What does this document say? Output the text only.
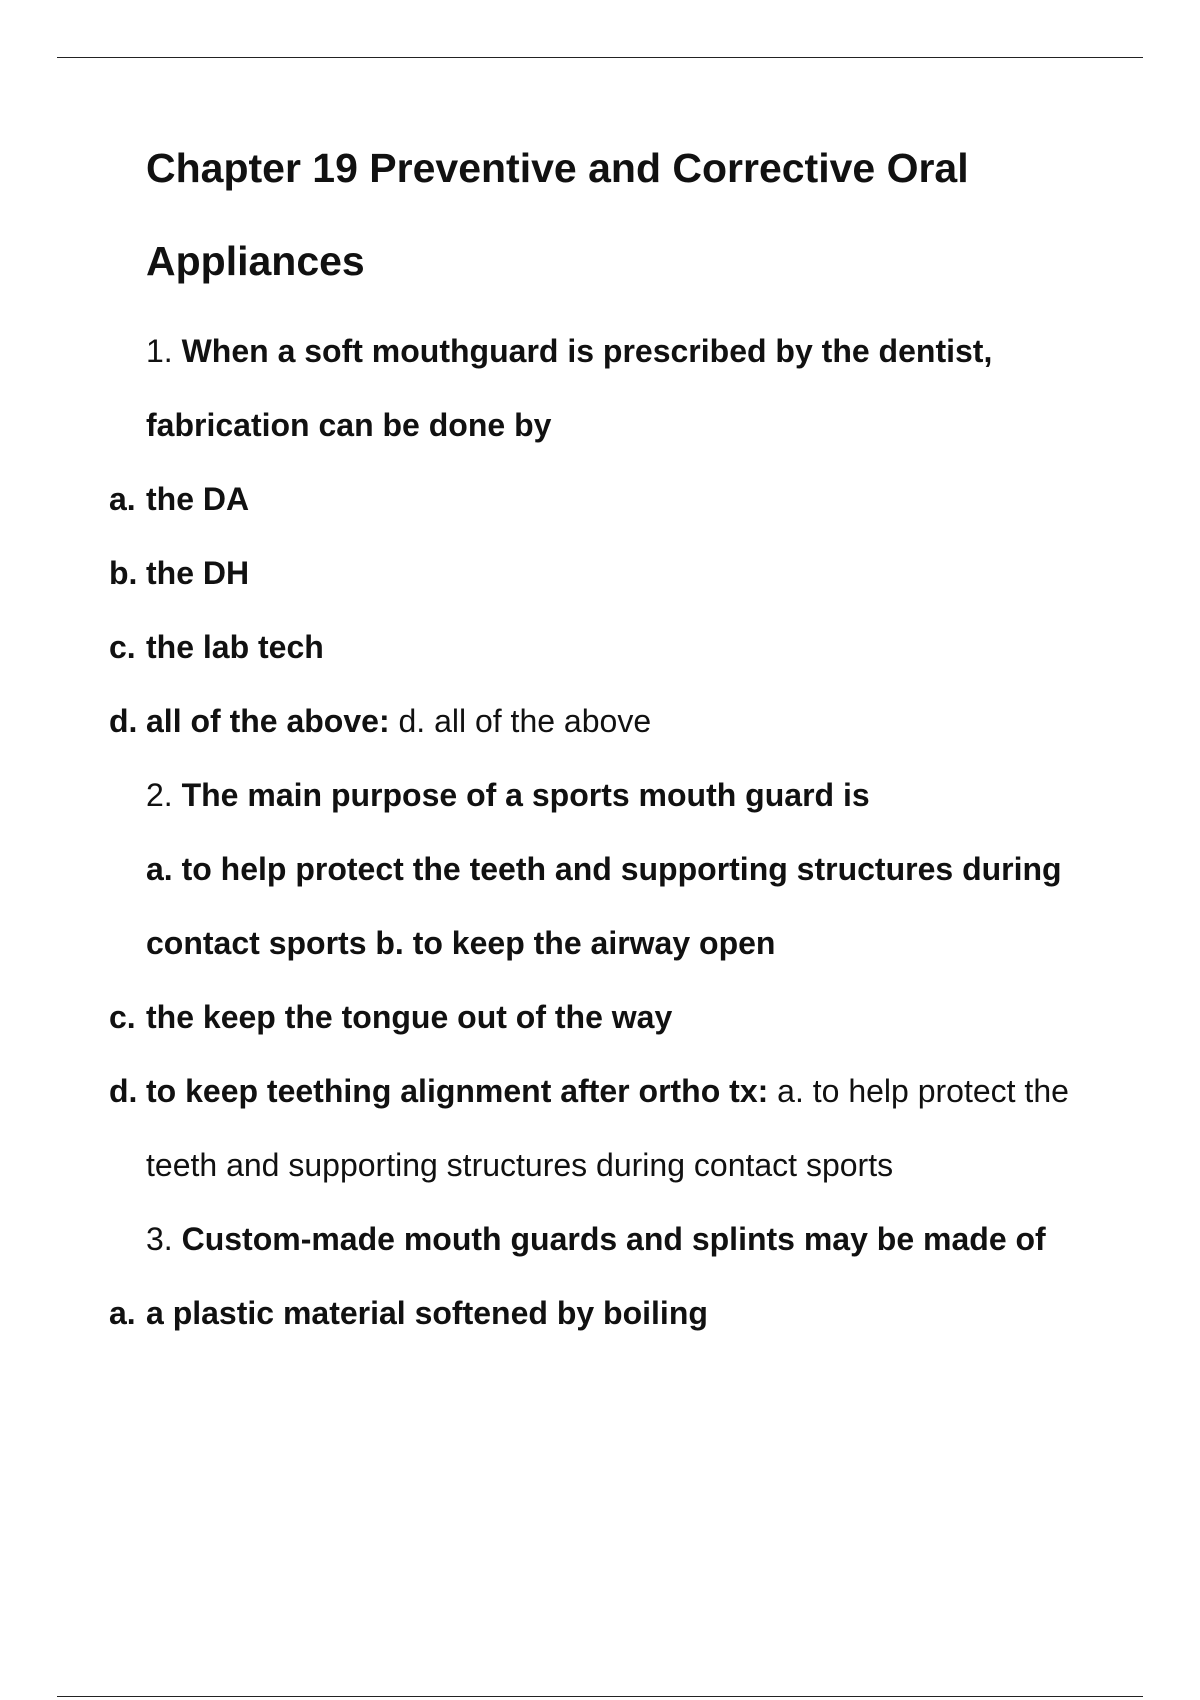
Chapter 19 Preventive and Corrective Oral
Appliances
1. When a soft mouthguard is prescribed by the dentist,
fabrication can be done by
a. the DA
b. the DH
c. the lab tech
d. all of the above: d. all of the above
2. The main purpose of a sports mouth guard is
a. to help protect the teeth and supporting structures during
contact sports b. to keep the airway open
c. the keep the tongue out of the way
d. to keep teething alignment after ortho tx: a. to help protect the
teeth and supporting structures during contact sports
3. Custom-made mouth guards and splints may be made of
a. a plastic material softened by boiling
